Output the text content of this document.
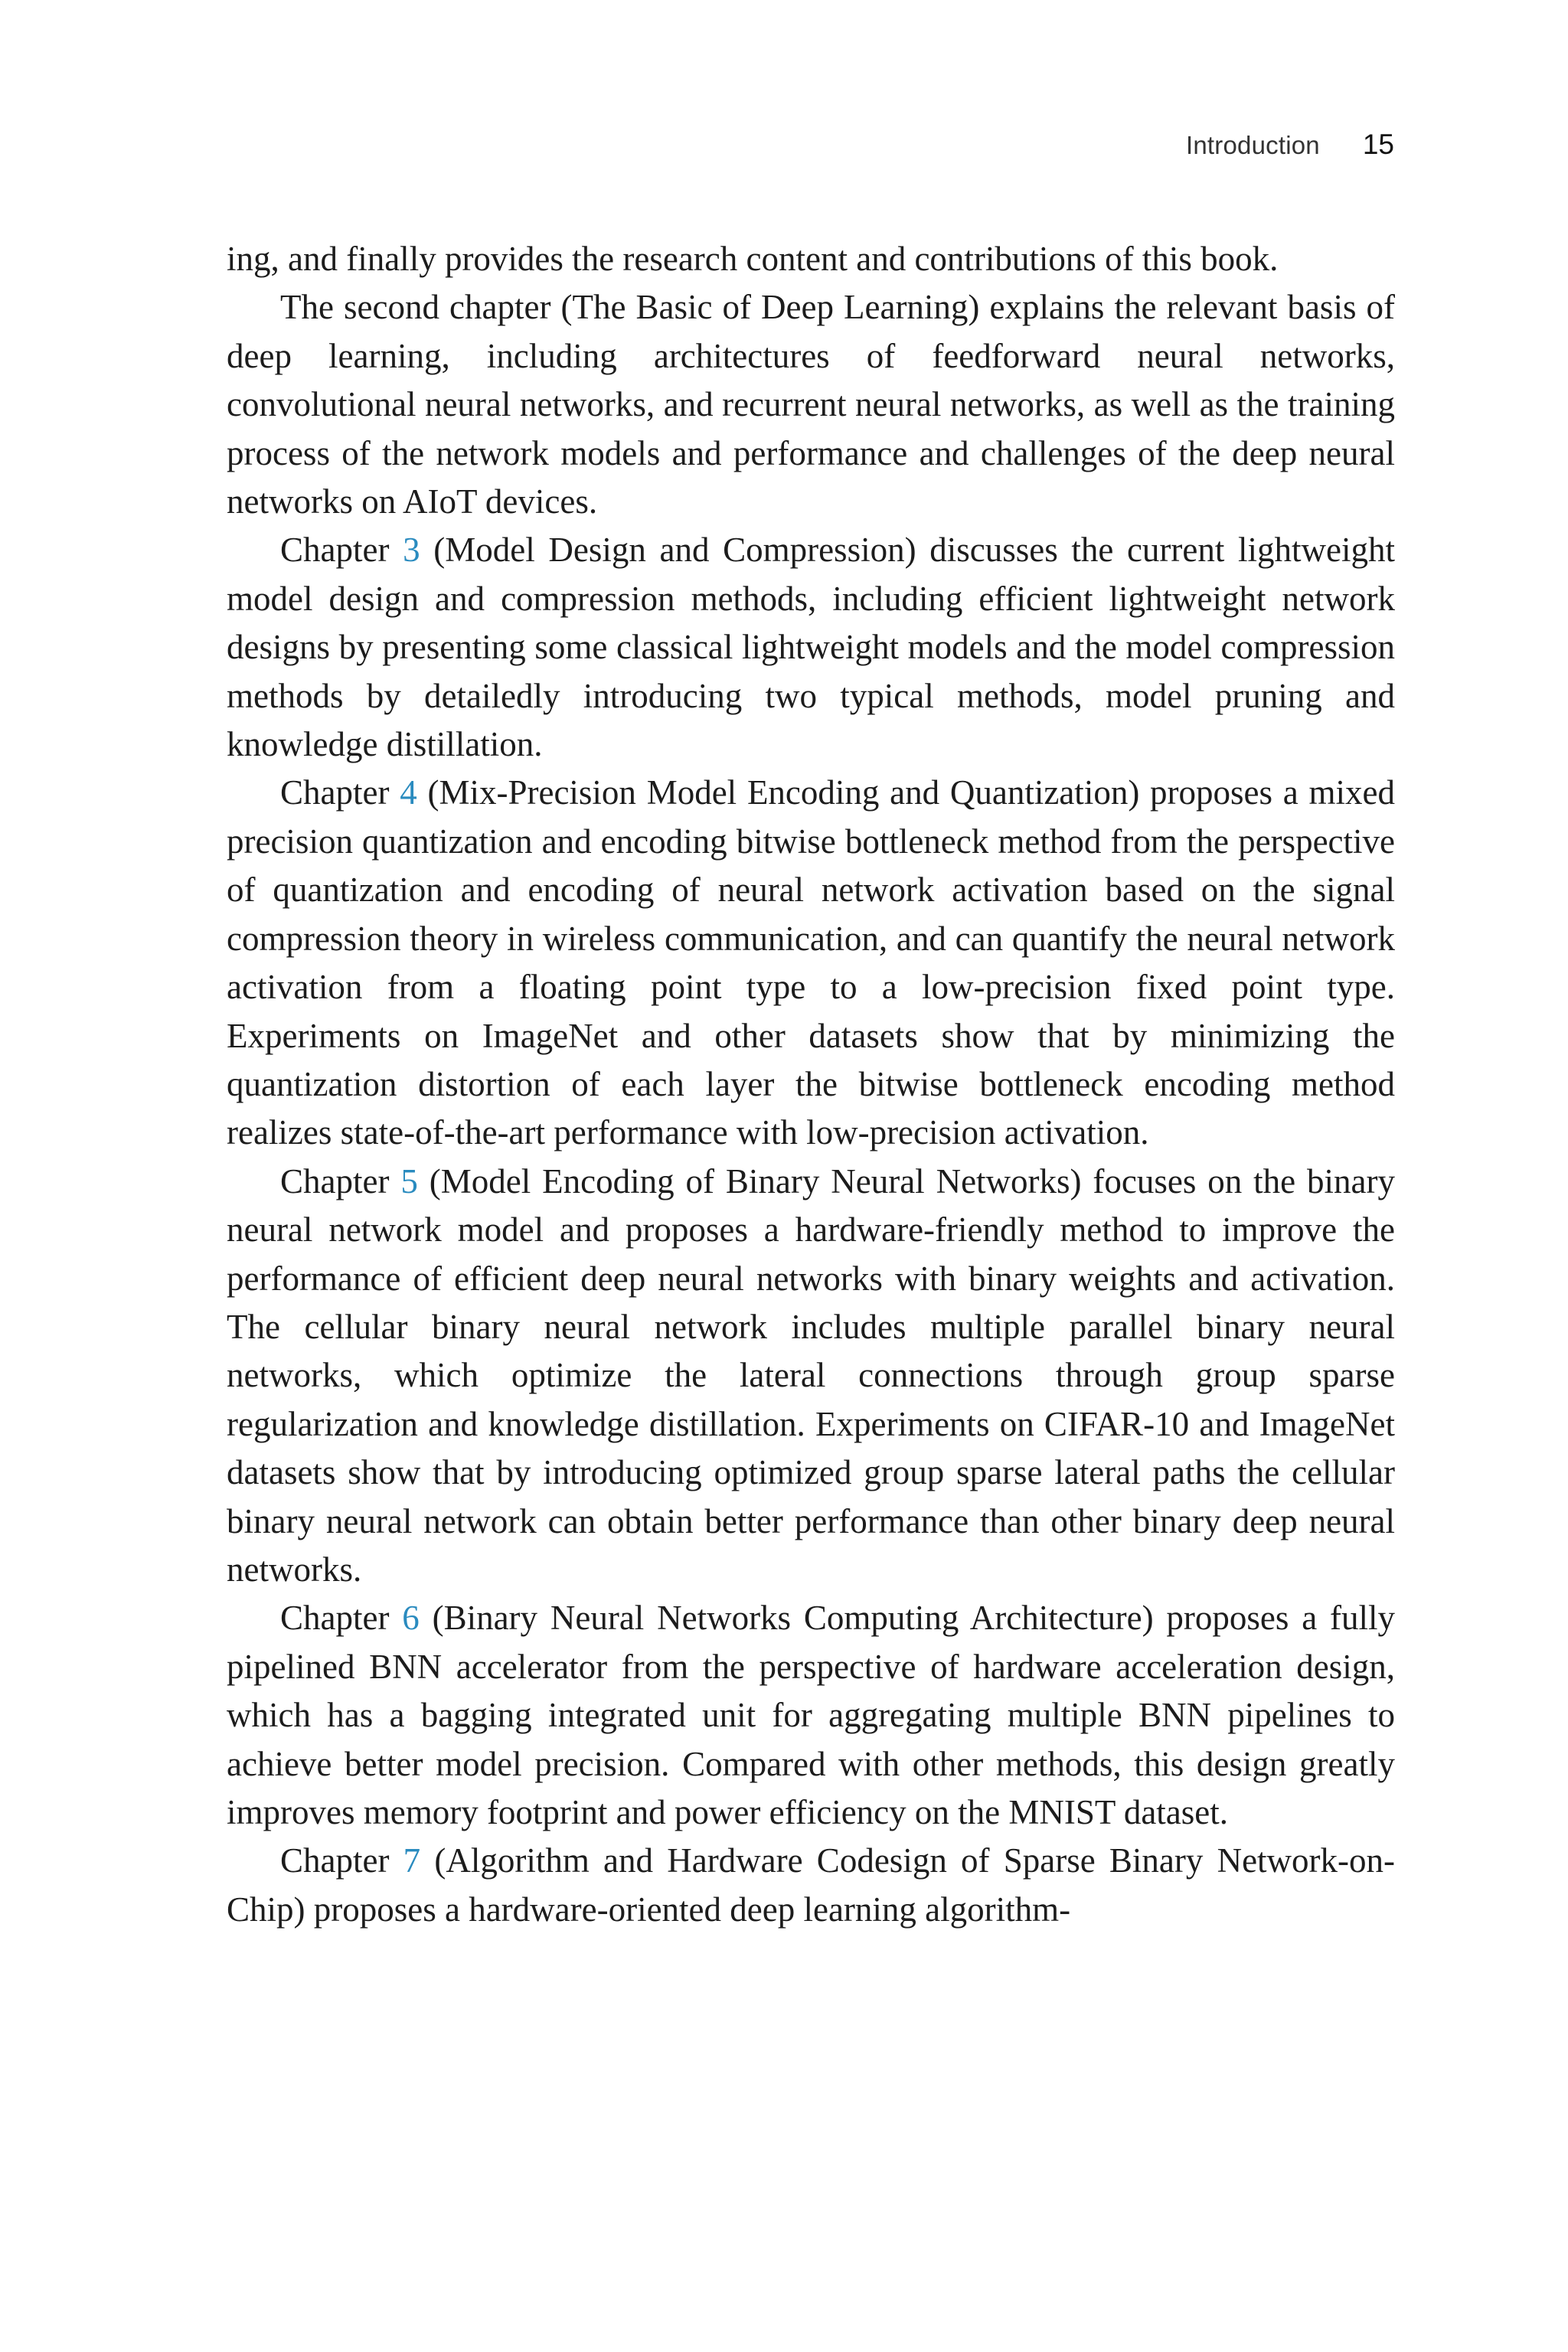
Introduction 15

ing, and finally provides the research content and contributions of this book.

The second chapter (The Basic of Deep Learning) explains the relevant basis of deep learning, including architectures of feedforward neural networks, convolutional neural networks, and recurrent neural networks, as well as the training process of the network models and performance and challenges of the deep neural networks on AIoT devices.

Chapter 3 (Model Design and Compression) discusses the current lightweight model design and compression methods, including efficient lightweight network designs by presenting some classical lightweight models and the model compression methods by detailedly introducing two typical methods, model pruning and knowledge distillation.

Chapter 4 (Mix-Precision Model Encoding and Quantization) proposes a mixed precision quantization and encoding bitwise bottleneck method from the perspective of quantization and encoding of neural network activation based on the signal compression theory in wireless communication, and can quantify the neural network activation from a floating point type to a low-precision fixed point type. Experiments on ImageNet and other datasets show that by minimizing the quantization distortion of each layer the bitwise bottleneck encoding method realizes state-of-the-art performance with low-precision activation.

Chapter 5 (Model Encoding of Binary Neural Networks) focuses on the binary neural network model and proposes a hardware-friendly method to improve the performance of efficient deep neural networks with binary weights and activation. The cellular binary neural network includes multiple parallel binary neural networks, which optimize the lateral connections through group sparse regularization and knowledge distillation. Experiments on CIFAR-10 and ImageNet datasets show that by introducing optimized group sparse lateral paths the cellular binary neural network can obtain better performance than other binary deep neural networks.

Chapter 6 (Binary Neural Networks Computing Architecture) proposes a fully pipelined BNN accelerator from the perspective of hardware acceleration design, which has a bagging integrated unit for aggregating multiple BNN pipelines to achieve better model precision. Compared with other methods, this design greatly improves memory footprint and power efficiency on the MNIST dataset.

Chapter 7 (Algorithm and Hardware Codesign of Sparse Binary Network-on-Chip) proposes a hardware-oriented deep learning algorithm-
